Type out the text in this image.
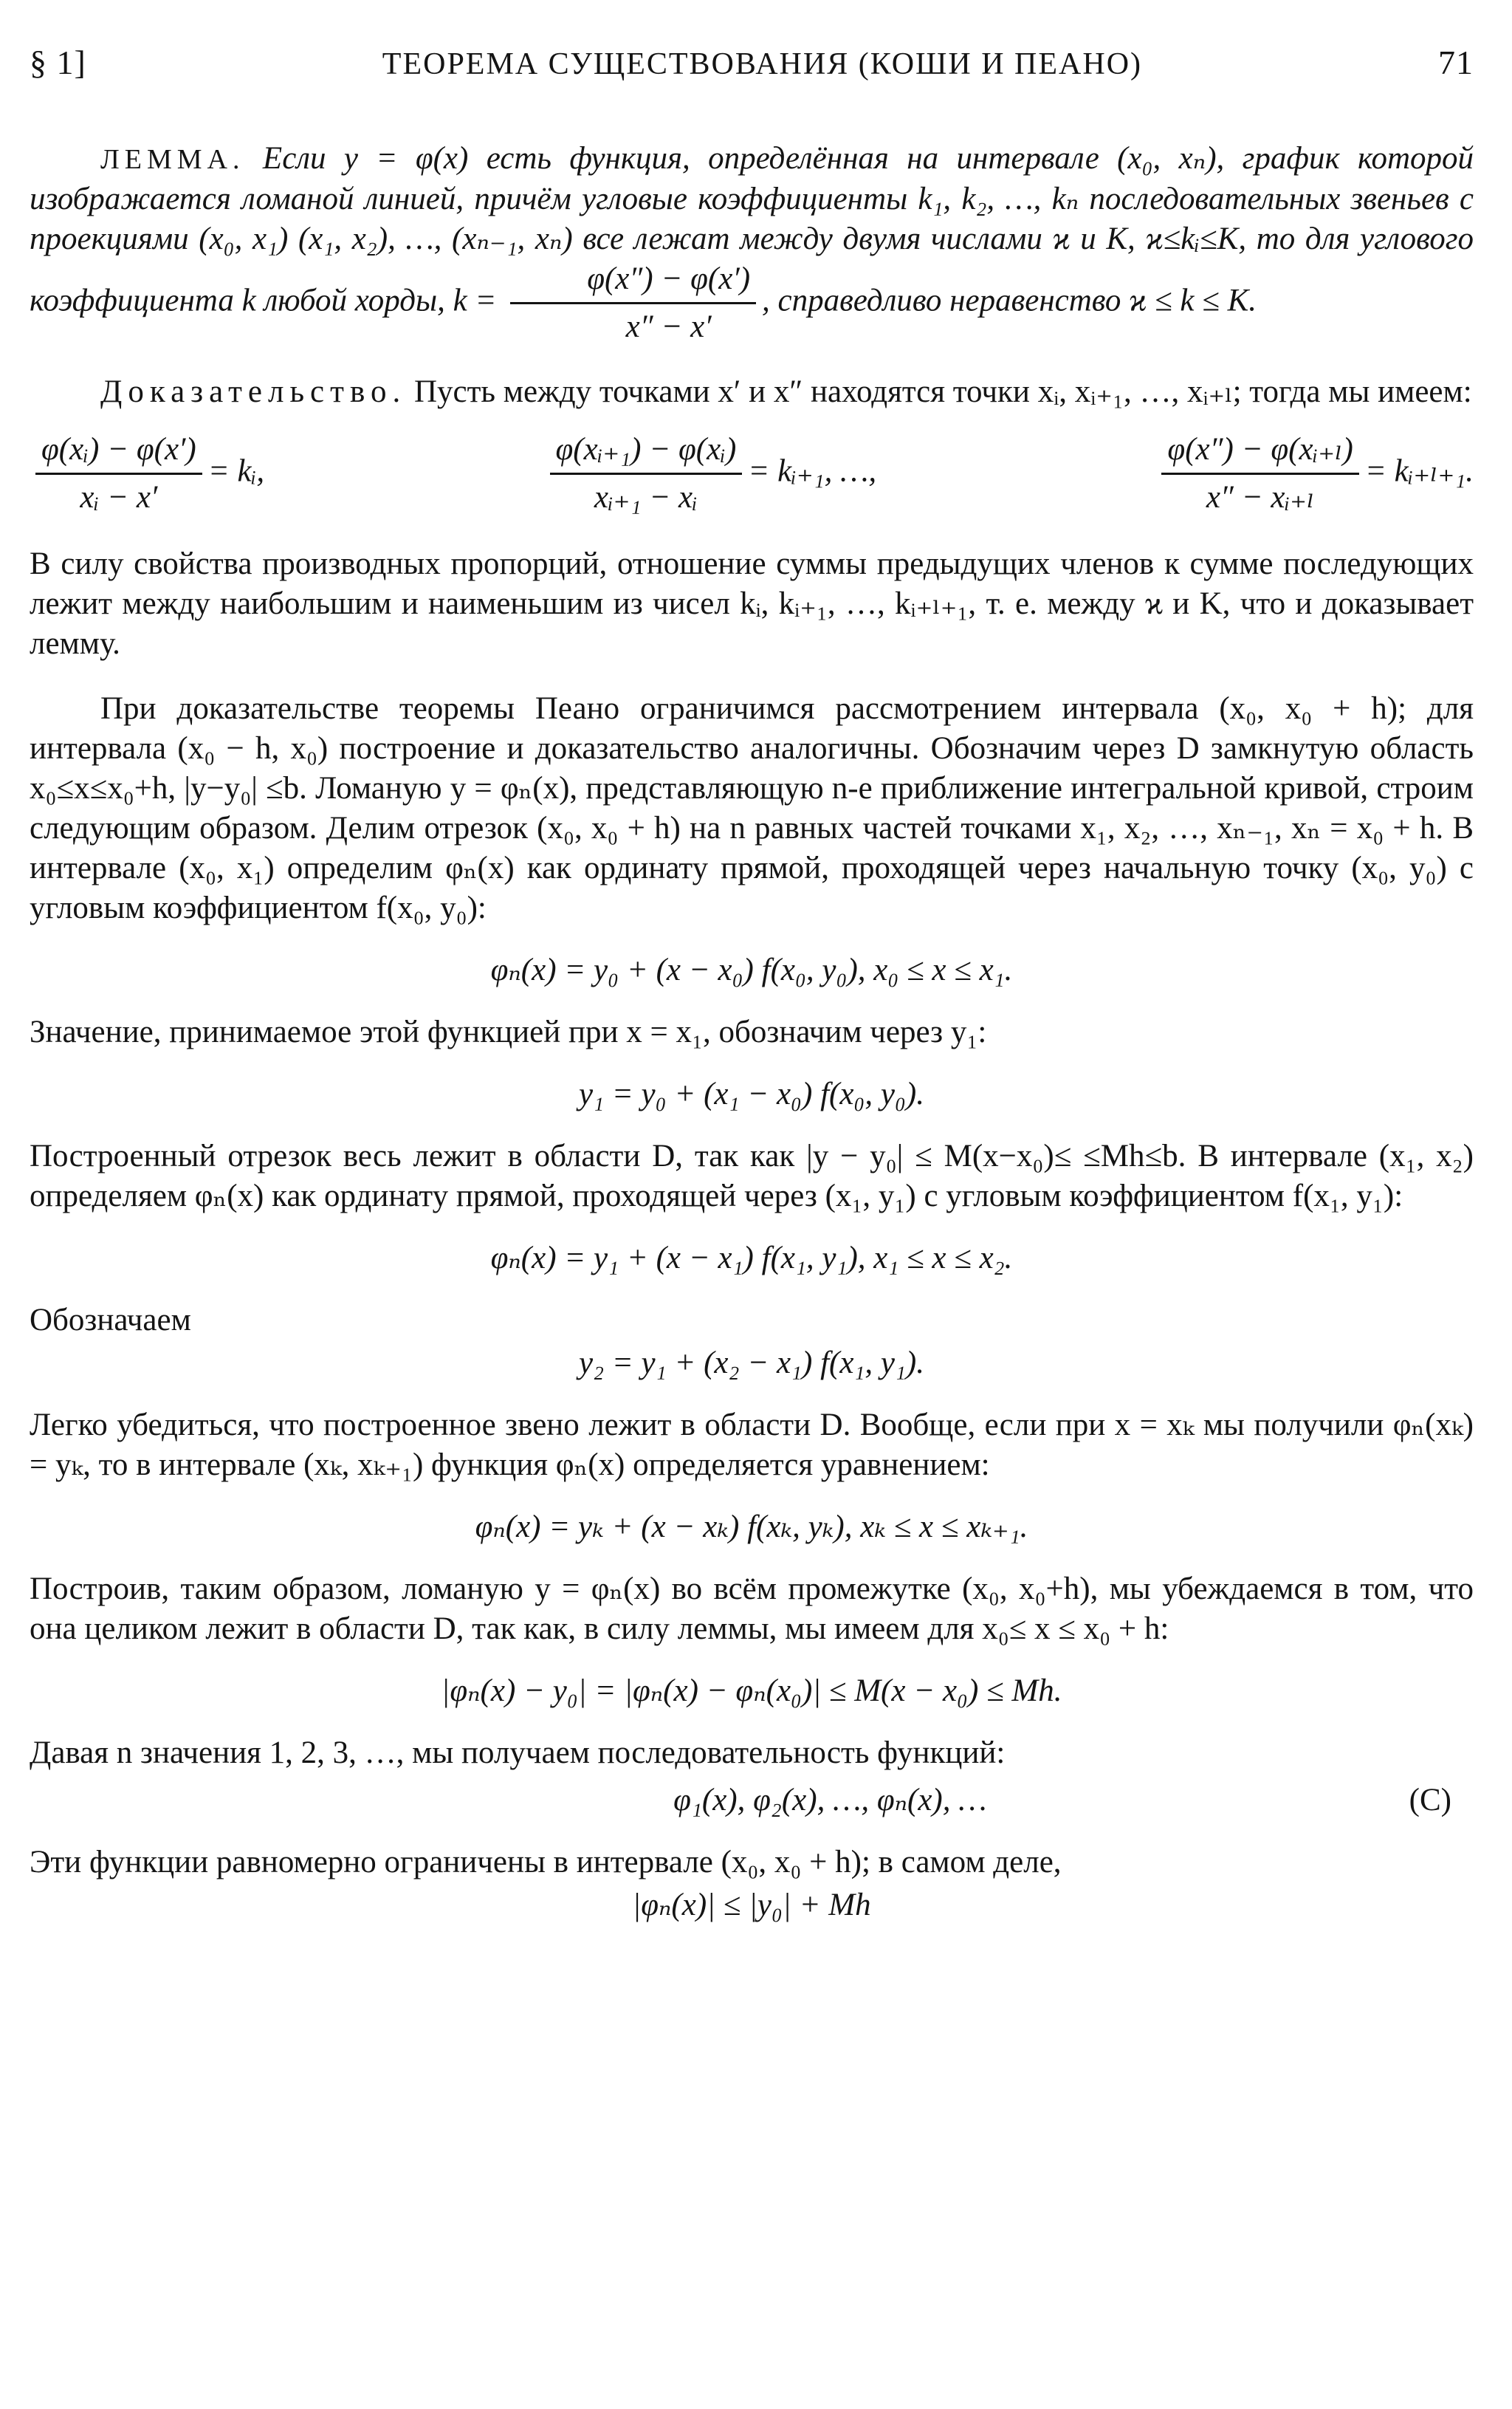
§ 1]	ТЕОРЕМА СУЩЕСТВОВАНИЯ (КОШИ И ПЕАНО)	71

ЛЕММА. Если y = φ(x) есть функция, определённая на интервале (x₀, xₙ), график которой изображается ломаной линией, причём угловые коэффициенты k₁, k₂, …, kₙ последовательных звеньев с проекциями (x₀, x₁) (x₁, x₂), …, (xₙ₋₁, xₙ) все лежат между двумя числами ϰ и K, ϰ≤kᵢ≤K, то для углового коэффициента k любой хорды, $k = \frac{\varphi(x'') - \varphi(x')}{x'' - x'}$ , справедливо неравенство ϰ ≤ k ≤ K.

Доказательство. Пусть между точками x′ и x″ находятся точки xᵢ, xᵢ₊₁, …, xᵢ₊ₗ; тогда мы имеем:

$\frac{\text{φ(xᵢ) − φ(x′)}}{\text{xᵢ − x′}}$ = kᵢ,	$\frac{\text{φ(xᵢ₊₁) − φ(xᵢ)}}{\text{xᵢ₊₁ − xᵢ}}$ = kᵢ₊₁, …,	$\frac{\text{φ(x″) − φ(xᵢ₊ₗ)}}{\text{x″ − xᵢ₊ₗ}}$ = kᵢ₊ₗ₊₁.

В силу свойства производных пропорций, отношение суммы предыдущих членов к сумме последующих лежит между наибольшим и наименьшим из чисел kᵢ, kᵢ₊₁, …, kᵢ₊ₗ₊₁, т. е. между ϰ и K, что и доказывает лемму.

При доказательстве теоремы Пеано ограничимся рассмотрением интервала (x₀, x₀ + h); для интервала (x₀ − h, x₀) построение и доказательство аналогичны. Обозначим через D замкнутую область x₀≤x≤x₀+h, |y−y₀| ≤b. Ломаную y = φₙ(x), представляющую n-е приближение интегральной кривой, строим следующим образом. Делим отрезок (x₀, x₀ + h) на n равных частей точками x₁, x₂, …, xₙ₋₁, xₙ = x₀ + h. В интервале (x₀, x₁) определим φₙ(x) как ординату прямой, проходящей через начальную точку (x₀, y₀) с угловым коэффициентом f(x₀, y₀):

φₙ(x) = y₀ + (x − x₀) f(x₀, y₀), x₀ ≤ x ≤ x₁.

Значение, принимаемое этой функцией при x = x₁, обозначим через y₁:

y₁ = y₀ + (x₁ − x₀) f(x₀, y₀).

Построенный отрезок весь лежит в области D, так как |y − y₀| ≤ M(x−x₀)≤ ≤Mh≤b. В интервале (x₁, x₂) определяем φₙ(x) как ординату прямой, проходящей через (x₁, y₁) с угловым коэффициентом f(x₁, y₁):

φₙ(x) = y₁ + (x − x₁) f(x₁, y₁), x₁ ≤ x ≤ x₂.

Обозначаем

y₂ = y₁ + (x₂ − x₁) f(x₁, y₁).

Легко убедиться, что построенное звено лежит в области D. Вообще, если при x = xₖ мы получили φₙ(xₖ) = yₖ, то в интервале (xₖ, xₖ₊₁) функция φₙ(x) определяется уравнением:

φₙ(x) = yₖ + (x − xₖ) f(xₖ, yₖ), xₖ ≤ x ≤ xₖ₊₁.

Построив, таким образом, ломаную y = φₙ(x) во всём промежутке (x₀, x₀+h), мы убеждаемся в том, что она целиком лежит в области D, так как, в силу леммы, мы имеем для x₀≤ x ≤ x₀ + h:

|φₙ(x) − y₀| = |φₙ(x) − φₙ(x₀)| ≤ M(x − x₀) ≤ Mh.

Давая n значения 1, 2, 3, …, мы получаем последовательность функций:

φ₁(x), φ₂(x), …, φₙ(x), …	(C)

Эти функции равномерно ограничены в интервале (x₀, x₀ + h); в самом деле,

|φₙ(x)| ≤ |y₀| + Mh
